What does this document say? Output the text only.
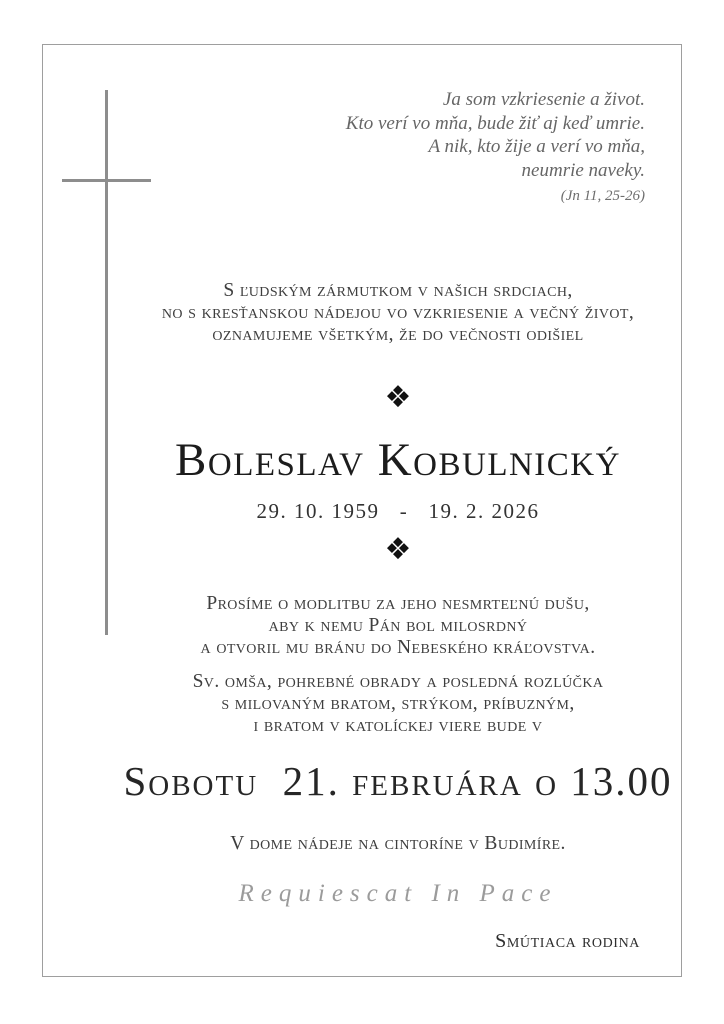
Ja som vzkriesenie a život.
Kto verí vo mňa, bude žiť aj keď umrie.
A nik, kto žije a verí vo mňa,
neumrie naveky.
(Jn 11, 25-26)
S ľudským zármutkom v našich srdciach,
no s kresťanskou nádejou vo vzkriesenie a večný život,
oznamujeme všetkým, že do večnosti odišiel
❖
Boleslav Kobulnický
29. 10. 1959   -   19. 2. 2026
❖
Prosíme o modlitbu za jeho nesmrteľnú dušu,
aby k nemu Pán bol milosrdný
a otvoril mu bránu do Nebeského kráľovstva.
Sv. omša, pohrebné obrady a posledná rozlúčka
s milovaným bratom, strýkom, príbuzným,
i bratom v katolíckej viere bude v
Sobotu  21. februára o 13.00
V dome nádeje na cintoríne v Budimíre.
Requiescat In Pace
Smútiaca rodina
